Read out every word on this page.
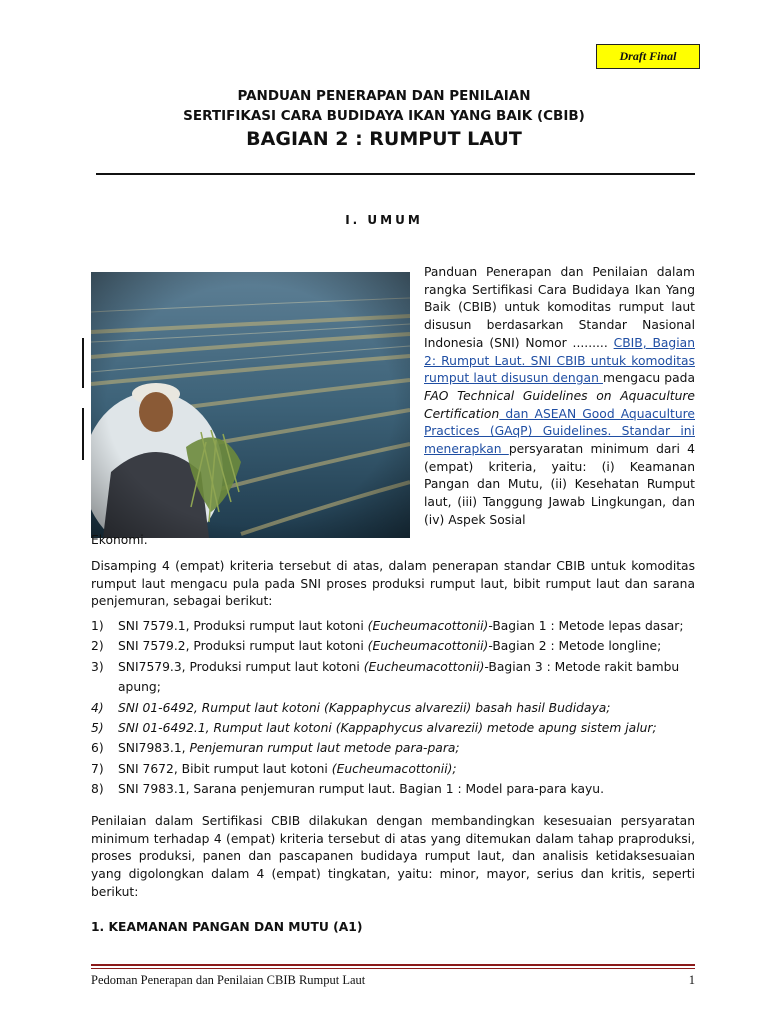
Draft Final
PANDUAN PENERAPAN DAN PENILAIAN
SERTIFIKASI CARA BUDIDAYA IKAN YANG BAIK (CBIB)
BAGIAN 2 : RUMPUT LAUT
I. UMUM
Panduan Penerapan dan Penilaian dalam rangka Sertifikasi Cara Budidaya Ikan Yang Baik (CBIB) untuk komoditas rumput laut disusun berdasarkan Standar Nasional Indonesia (SNI) Nomor ......... CBIB, Bagian 2: Rumput Laut. SNI CBIB untuk komoditas rumput laut disusun dengan mengacu pada FAO Technical Guidelines on Aquaculture Certification dan ASEAN Good Aquaculture Practices (GAqP) Guidelines. Standar ini menerapkan persyaratan minimum dari 4 (empat) kriteria, yaitu: (i) Keamanan Pangan dan Mutu, (ii) Kesehatan Rumput laut, (iii) Tanggung Jawab Lingkungan, dan (iv) Aspek Sosial
Ekonomi.
Disamping 4 (empat) kriteria tersebut di atas, dalam penerapan standar CBIB untuk komoditas rumput laut mengacu pula pada SNI proses produksi rumput laut, bibit rumput laut dan sarana penjemuran, sebagai berikut:
1) SNI 7579.1, Produksi rumput laut kotoni (Eucheumacottonii)-Bagian 1 : Metode lepas dasar;
2) SNI 7579.2, Produksi rumput laut kotoni (Eucheumacottonii)-Bagian 2 : Metode longline;
3) SNI7579.3, Produksi rumput laut kotoni (Eucheumacottonii)-Bagian 3 : Metode rakit bambu apung;
4) SNI 01-6492, Rumput laut kotoni (Kappaphycus alvarezii) basah hasil Budidaya;
5) SNI 01-6492.1, Rumput laut kotoni (Kappaphycus alvarezii) metode apung sistem jalur;
6) SNI7983.1, Penjemuran rumput laut metode para-para;
7) SNI 7672, Bibit rumput laut kotoni (Eucheumacottonii);
8) SNI 7983.1, Sarana penjemuran rumput laut. Bagian 1 : Model para-para kayu.
Penilaian dalam Sertifikasi CBIB dilakukan dengan membandingkan kesesuaian persyaratan minimum terhadap 4 (empat) kriteria tersebut di atas yang ditemukan dalam tahap praproduksi, proses produksi, panen dan pascapanen budidaya rumput laut, dan analisis ketidaksesuaian yang digolongkan dalam 4 (empat) tingkatan, yaitu: minor, mayor, serius dan kritis, seperti berikut:
1. KEAMANAN PANGAN DAN MUTU (A1)
Pedoman Penerapan dan Penilaian CBIB Rumput Laut	1
